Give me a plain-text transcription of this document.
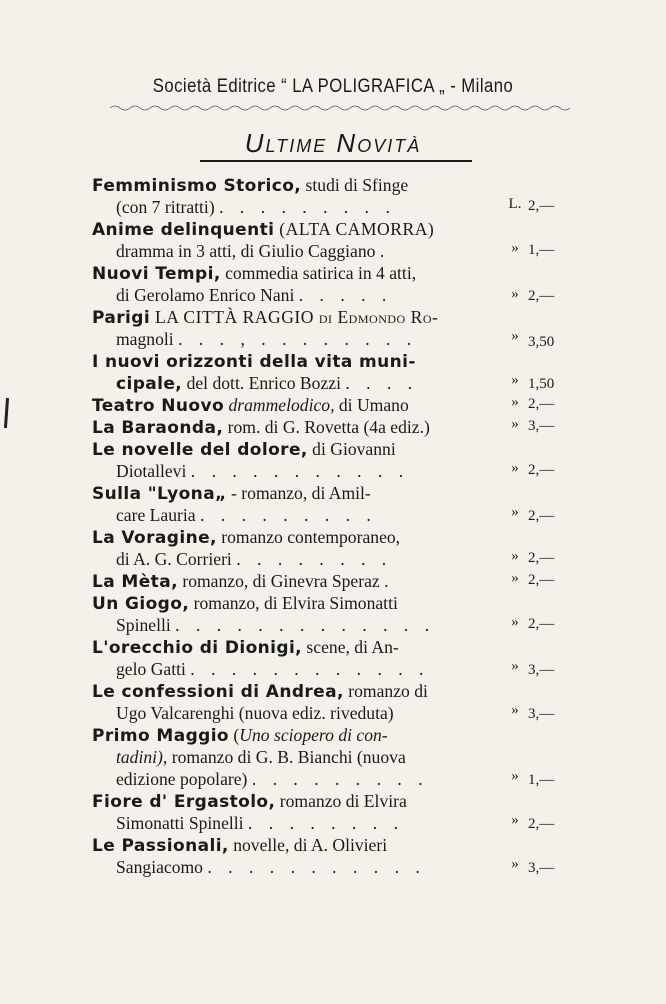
Società Editrice “ LA POLIGRAFICA „ - Milano
Ultime Novità
Femminismo Storico, studi di Sfinge
(con 7 ritratti) . . . . . . . . .	L. 2,—
Anime delinquenti (ALTA CAMORRA)
dramma in 3 atti, di Giulio Caggiano .	» 1,—
Nuovi Tempi, commedia satirica in 4 atti,
di Gerolamo Enrico Nani . . . . .	» 2,—
Parigi LA CITTÀ RAGGIO di Edmondo Ro-
magnoli . . . , . . . . . . . .	» 3,50
I nuovi orizzonti della vita muni-
cipale, del dott. Enrico Bozzi . . . .	» 1,50
Teatro Nuovo drammelodico, di Umano	» 2,—
La Baraonda, rom. di G. Rovetta (4a ediz.)	» 3,—
Le novelle del dolore, di Giovanni
Diotallevi . . . . . . . . . . .	» 2,—
Sulla "Lyona„ - romanzo, di Amil-
care Lauria . . . . . . . . .	» 2,—
La Voragine, romanzo contemporaneo,
di A. G. Corrieri . . . . . . . .	» 2,—
La Mèta, romanzo, di Ginevra Speraz .	» 2,—
Un Giogo, romanzo, di Elvira Simonatti
Spinelli . . . . . . . . . . . . .	» 2,—
L'orecchio di Dionigi, scene, di An-
gelo Gatti . . . . . . . . . . . .	» 3,—
Le confessioni di Andrea, romanzo di
Ugo Valcarenghi (nuova ediz. riveduta)	» 3,—
Primo Maggio (Uno sciopero di con-
tadini), romanzo di G. B. Bianchi (nuova
edizione popolare) . . . . . . . . .	» 1,—
Fiore d' Ergastolo, romanzo di Elvira
Simonatti Spinelli . . . . . . . .	» 2,—
Le Passionali, novelle, di A. Olivieri
Sangiacomo . . . . . . . . . . .	» 3,—
